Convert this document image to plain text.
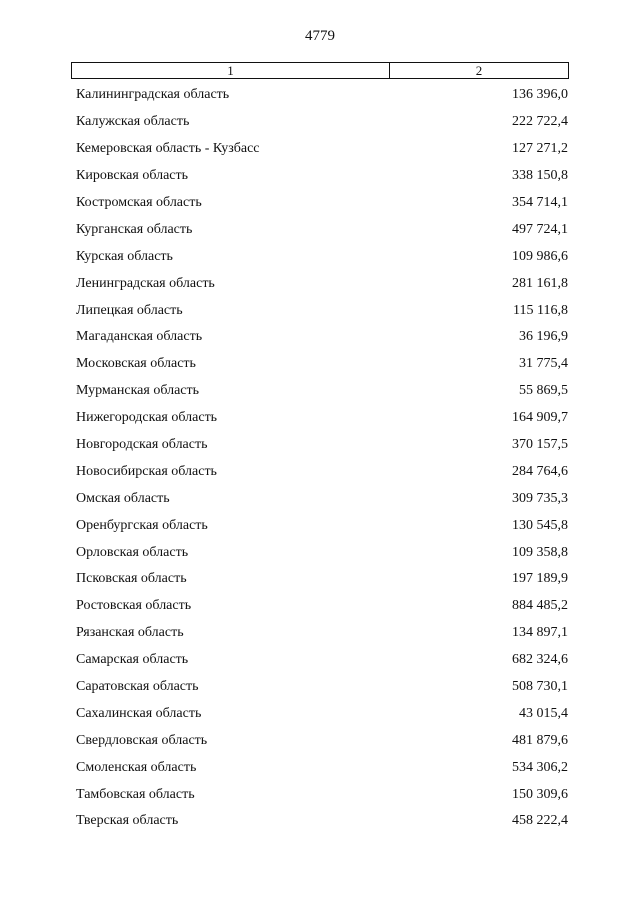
4779
1	2
Калининградская область	136 396,0
Калужская область	222 722,4
Кемеровская область - Кузбасс	127 271,2
Кировская область	338 150,8
Костромская область	354 714,1
Курганская область	497 724,1
Курская область	109 986,6
Ленинградская область	281 161,8
Липецкая область	115 116,8
Магаданская область	36 196,9
Московская область	31 775,4
Мурманская область	55 869,5
Нижегородская область	164 909,7
Новгородская область	370 157,5
Новосибирская область	284 764,6
Омская область	309 735,3
Оренбургская область	130 545,8
Орловская область	109 358,8
Псковская область	197 189,9
Ростовская область	884 485,2
Рязанская область	134 897,1
Самарская область	682 324,6
Саратовская область	508 730,1
Сахалинская область	43 015,4
Свердловская область	481 879,6
Смоленская область	534 306,2
Тамбовская область	150 309,6
Тверская область	458 222,4
